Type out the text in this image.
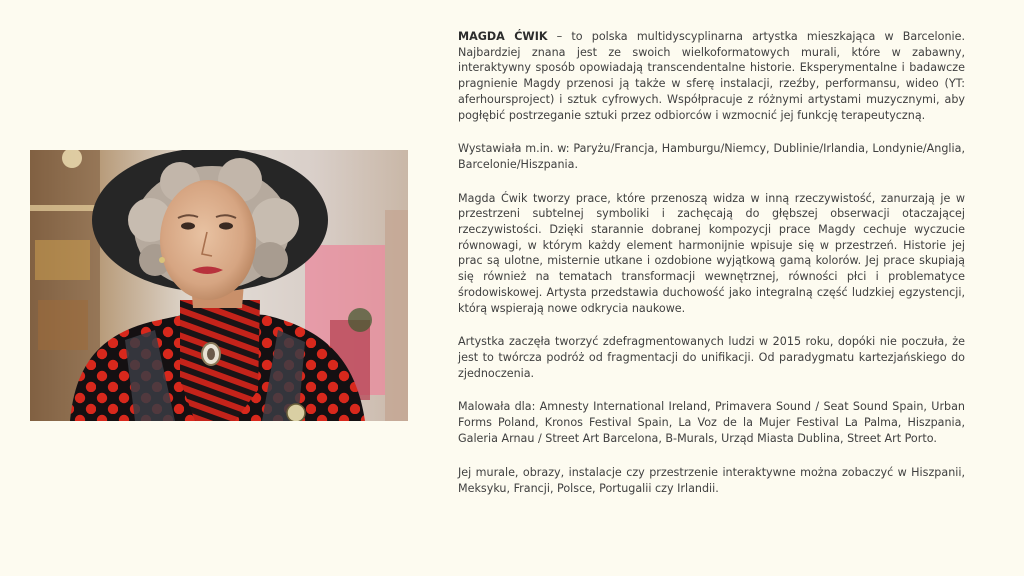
MAGDA ĆWIK – to polska multidyscyplinarna artystka mieszkająca w Barcelonie. Najbardziej znana jest ze swoich wielkoformatowych murali, które w zabawny, interaktywny sposób opowiadają transcendentalne historie. Eksperymentalne i badawcze pragnienie Magdy przenosi ją także w sferę instalacji, rzeźby, performansu, wideo (YT: aferhoursproject) i sztuk cyfrowych. Współpracuje z różnymi artystami muzycznymi, aby pogłębić postrzeganie sztuki przez odbiorców i wzmocnić jej funkcję terapeutyczną.

Wystawiała m.in. w: Paryżu/Francja, Hamburgu/Niemcy, Dublinie/Irlandia, Londynie/Anglia, Barcelonie/Hiszpania.

Magda Ćwik tworzy prace, które przenoszą widza w inną rzeczywistość, zanurzają je w przestrzeni subtelnej symboliki i zachęcają do głębszej obserwacji otaczającej rzeczywistości. Dzięki starannie dobranej kompozycji prace Magdy cechuje wyczucie równowagi, w którym każdy element harmonijnie wpisuje się w przestrzeń. Historie jej prac są ulotne, misternie utkane i ozdobione wyjątkową gamą kolorów. Jej prace skupiają się również na tematach transformacji wewnętrznej, równości płci i problematyce środowiskowej. Artysta przedstawia duchowość jako integralną część ludzkiej egzystencji, którą wspierają nowe odkrycia naukowe.

Artystka zaczęła tworzyć zdefragmentowanych ludzi w 2015 roku, dopóki nie poczuła, że jest to twórcza podróż od fragmentacji do unifikacji. Od paradygmatu kartezjańskiego do zjednoczenia.

Malowała dla: Amnesty International Ireland, Primavera Sound / Seat Sound Spain, Urban Forms Poland, Kronos Festival Spain, La Voz de la Mujer Festival La Palma, Hiszpania, Galeria Arnau / Street Art Barcelona, B-Murals, Urząd Miasta Dublina, Street Art Porto.

Jej murale, obrazy, instalacje czy przestrzenie interaktywne można zobaczyć w Hiszpanii, Meksyku, Francji, Polsce, Portugalii czy Irlandii.
